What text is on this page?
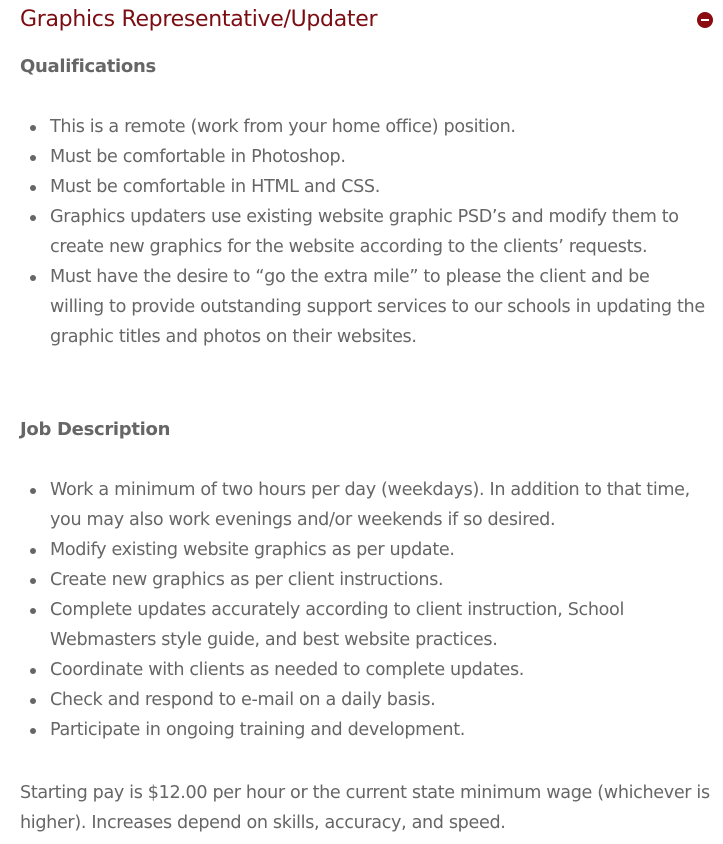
Graphics Representative/Updater
Qualifications
This is a remote (work from your home office) position.
Must be comfortable in Photoshop.
Must be comfortable in HTML and CSS.
Graphics updaters use existing website graphic PSD’s and modify them to create new graphics for the website according to the clients’ requests.
Must have the desire to “go the extra mile” to please the client and be willing to provide outstanding support services to our schools in updating the graphic titles and photos on their websites.
Job Description
Work a minimum of two hours per day (weekdays). In addition to that time, you may also work evenings and/or weekends if so desired.
Modify existing website graphics as per update.
Create new graphics as per client instructions.
Complete updates accurately according to client instruction, School Webmasters style guide, and best website practices.
Coordinate with clients as needed to complete updates.
Check and respond to e-mail on a daily basis.
Participate in ongoing training and development.

Starting pay is $12.00 per hour or the current state minimum wage (whichever is higher). Increases depend on skills, accuracy, and speed.
